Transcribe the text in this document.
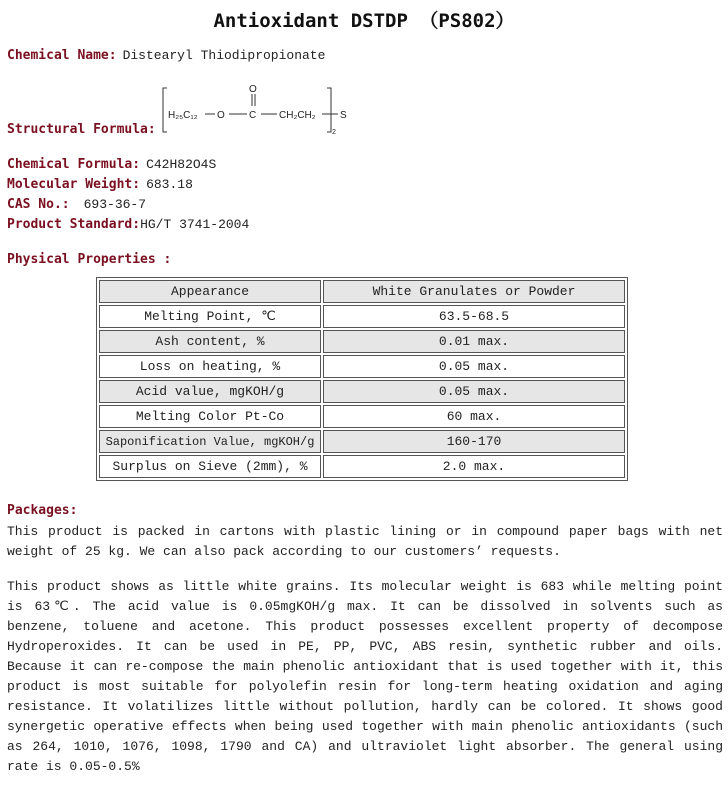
Antioxidant DSTDP （PS802）
Chemical Name: Distearyl Thiodipropionate
Structural Formula:
H₂₅C₁₂ O C
O
CH₂CH₂ S
2
Chemical Formula: C42H82O4S
Molecular Weight: 683.18
CAS No.: 693-36-7
Product Standard:HG/T 3741-2004
Physical Properties :
Appearance	White Granulates or Powder
Melting Point, ℃	63.5-68.5
Ash content, %	0.01 max.
Loss on heating, %	0.05 max.
Acid value, mgKOH/g	0.05 max.
Melting Color Pt-Co	60 max.
Saponification Value, mgKOH/g	160-170
Surplus on Sieve (2mm), %	2.0 max.
Packages:
This product is packed in cartons with plastic lining or in compound paper bags with net weight of 25 kg. We can also pack according to our customers’ requests.
This product shows as little white grains. Its molecular weight is 683 while melting point is 63℃. The acid value is 0.05mgKOH/g max. It can be dissolved in solvents such as benzene, toluene and acetone. This product possesses excellent property of decompose Hydroperoxides. It can be used in PE, PP, PVC, ABS resin, synthetic rubber and oils. Because it can re-compose the main phenolic antioxidant that is used together with it, this product is most suitable for polyolefin resin for long-term heating oxidation and aging resistance. It volatilizes little without pollution, hardly can be colored. It shows good synergetic operative effects when being used together with main phenolic antioxidants (such as 264, 1010, 1076, 1098, 1790 and CA) and ultraviolet light absorber. The general using rate is 0.05-0.5%
